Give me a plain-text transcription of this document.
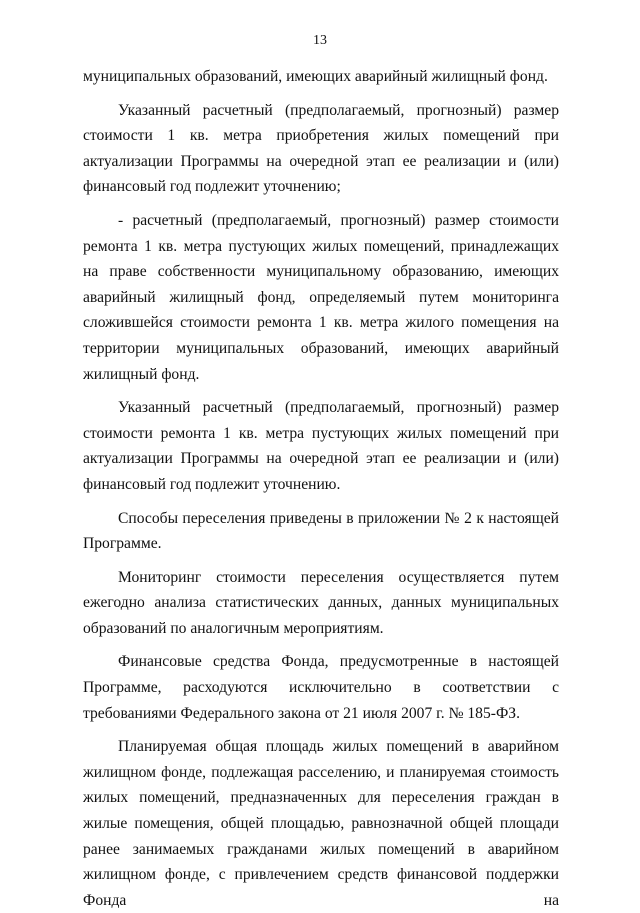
13

муниципальных образований, имеющих аварийный жилищный фонд.

Указанный расчетный (предполагаемый, прогнозный) размер стоимости 1 кв. метра приобретения жилых помещений при актуализации Программы на очередной этап ее реализации и (или) финансовый год подлежит уточнению;

- расчетный (предполагаемый, прогнозный) размер стоимости ремонта 1 кв. метра пустующих жилых помещений, принадлежащих на праве собственности муниципальному образованию, имеющих аварийный жилищный фонд, определяемый путем мониторинга сложившейся стоимости ремонта 1 кв. метра жилого помещения на территории муниципальных образований, имеющих аварийный жилищный фонд.

Указанный расчетный (предполагаемый, прогнозный) размер стоимости ремонта 1 кв. метра пустующих жилых помещений при актуализации Программы на очередной этап ее реализации и (или) финансовый год подлежит уточнению.

Способы переселения приведены в приложении № 2 к настоящей Программе.

Мониторинг стоимости переселения осуществляется путем ежегодно анализа статистических данных, данных муниципальных образований по аналогичным мероприятиям.

Финансовые средства Фонда, предусмотренные в настоящей Программе, расходуются исключительно в соответствии с требованиями Федерального закона от 21 июля 2007 г. № 185-ФЗ.

Планируемая общая площадь жилых помещений в аварийном жилищном фонде, подлежащая расселению, и планируемая стоимость жилых помещений, предназначенных для переселения граждан в жилые помещения, общей площадью, равнозначной общей площади ранее занимаемых гражданами жилых помещений в аварийном жилищном фонде, с привлечением средств финансовой поддержки Фонда на
